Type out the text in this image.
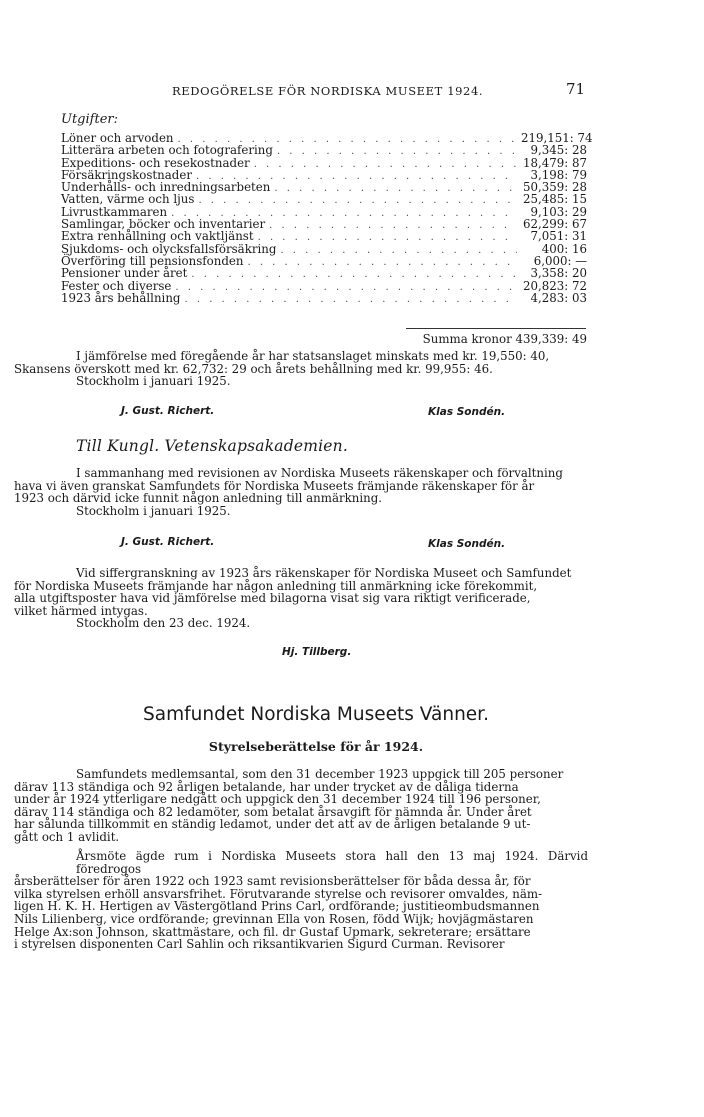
REDOGÖRELSE FÖR NORDISKA MUSEET 1924.	71
Utgifter:
Löner och arvoden . . .	219,151: 74
Litterära arbeten och fotografering . . .	9,345: 28
Expeditions- och resekostnader . . .	18,479: 87
Försäkringskostnader . . .	3,198: 79
Underhålls- och inredningsarbeten . . .	50,359: 28
Vatten, värme och ljus . . .	25,485: 15
Livrustkammaren . . .	9,103: 29
Samlingar, böcker och inventarier . . .	62,299: 67
Extra renhållning och vaktljänst . . .	7,051: 31
Sjukdoms- och olycksfallsförsäkring . . .	400: 16
Överföring till pensionsfonden . . .	6,000: —
Pensioner under året . . .	3,358: 20
Fester och diverse . . .	20,823: 72
1923 års behållning . . .	4,283: 03
Summa kronor 439,339: 49
I jämförelse med föregående år har statsanslaget minskats med kr. 19,550: 40,
Skansens överskott med kr. 62,732: 29 och årets behållning med kr. 99,955: 46.
Stockholm i januari 1925.
J. Gust. Richert.	Klas Sondén.
Till Kungl. Vetenskapsakademien.
I sammanhang med revisionen av Nordiska Museets räkenskaper och förvaltning
hava vi även granskat Samfundets för Nordiska Museets främjande räkenskaper för år
1923 och därvid icke funnit någon anledning till anmärkning.
Stockholm i januari 1925.
J. Gust. Richert.	Klas Sondén.
Vid siffergranskning av 1923 års räkenskaper för Nordiska Museet och Samfundet
för Nordiska Museets främjande har någon anledning till anmärkning icke förekommit,
alla utgiftsposter hava vid jämförelse med bilagorna visat sig vara riktigt verificerade,
vilket härmed intygas.
Stockholm den 23 dec. 1924.
Hj. Tillberg.
Samfundet Nordiska Museets Vänner.
Styrelseberättelse för år 1924.
Samfundets medlemsantal, som den 31 december 1923 uppgick till 205 personer
därav 113 ständiga och 92 årligen betalande, har under trycket av de dåliga tiderna
under år 1924 ytterligare nedgått och uppgick den 31 december 1924 till 196 personer,
därav 114 ständiga och 82 ledamöter, som betalat årsavgift för nämnda år. Under året
har sålunda tillkommit en ständig ledamot, under det att av de årligen betalande 9 ut-
gått och 1 avlidit.
Årsmöte ägde rum i Nordiska Museets stora hall den 13 maj 1924. Därvid föredrogos
årsberättelser för åren 1922 och 1923 samt revisionsberättelser för båda dessa år, för
vilka styrelsen erhöll ansvarsfrihet. Förutvarande styrelse och revisorer omvaldes, näm-
ligen H. K. H. Hertigen av Västergötland Prins Carl, ordförande; justitieombudsmannen
Nils Lilienberg, vice ordförande; grevinnan Ella von Rosen, född Wijk; hovjägmästaren
Helge Ax:son Johnson, skattmästare, och fil. dr Gustaf Upmark, sekreterare; ersättare
i styrelsen disponenten Carl Sahlin och riksantikvarien Sigurd Curman. Revisorer
